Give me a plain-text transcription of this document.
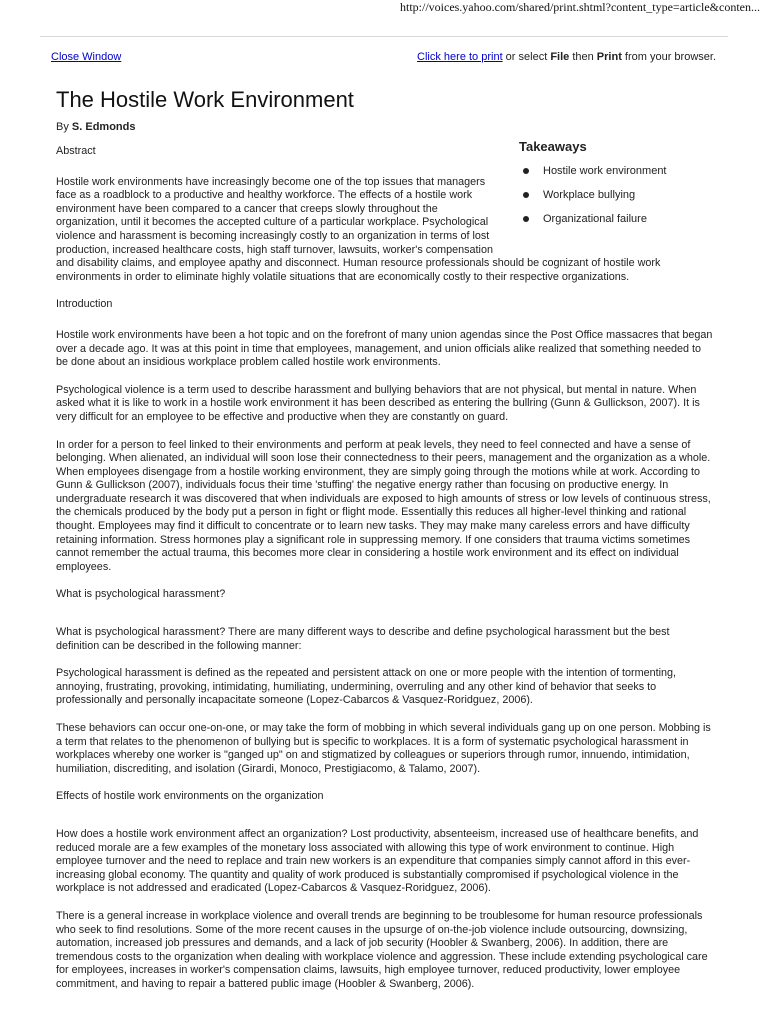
http://voices.yahoo.com/shared/print.shtml?content_type=article&conten...
Close Window	Click here to print or select File then Print from your browser.
The Hostile Work Environment
By S. Edmonds
Takeaways
Hostile work environment
Workplace bullying
Organizational failure

Abstract

Hostile work environments have increasingly become one of the top issues that managers face as a roadblock to a productive and healthy workforce. The effects of a hostile work environment have been compared to a cancer that creeps slowly throughout the organization, until it becomes the accepted culture of a particular workplace. Psychological violence and harassment is becoming increasingly costly to an organization in terms of lost production, increased healthcare costs, high staff turnover, lawsuits, worker's compensation and disability claims, and employee apathy and disconnect. Human resource professionals should be cognizant of hostile work environments in order to eliminate highly volatile situations that are economically costly to their respective organizations.

Introduction

Hostile work environments have been a hot topic and on the forefront of many union agendas since the Post Office massacres that began over a decade ago. It was at this point in time that employees, management, and union officials alike realized that something needed to be done about an insidious workplace problem called hostile work environments.

Psychological violence is a term used to describe harassment and bullying behaviors that are not physical, but mental in nature. When asked what it is like to work in a hostile work environment it has been described as entering the bullring (Gunn & Gullickson, 2007). It is very difficult for an employee to be effective and productive when they are constantly on guard.

In order for a person to feel linked to their environments and perform at peak levels, they need to feel connected and have a sense of belonging. When alienated, an individual will soon lose their connectedness to their peers, management and the organization as a whole. When employees disengage from a hostile working environment, they are simply going through the motions while at work. According to Gunn & Gullickson (2007), individuals focus their time 'stuffing' the negative energy rather than focusing on productive energy. In undergraduate research it was discovered that when individuals are exposed to high amounts of stress or low levels of continuous stress, the chemicals produced by the body put a person in fight or flight mode. Essentially this reduces all higher-level thinking and rational thought. Employees may find it difficult to concentrate or to learn new tasks. They may make many careless errors and have difficulty retaining information. Stress hormones play a significant role in suppressing memory. If one considers that trauma victims sometimes cannot remember the actual trauma, this becomes more clear in considering a hostile work environment and its effect on individual employees.

What is psychological harassment?

What is psychological harassment? There are many different ways to describe and define psychological harassment but the best definition can be described in the following manner:

Psychological harassment is defined as the repeated and persistent attack on one or more people with the intention of tormenting, annoying, frustrating, provoking, intimidating, humiliating, undermining, overruling and any other kind of behavior that seeks to professionally and personally incapacitate someone (Lopez-Cabarcos & Vasquez-Roridguez, 2006).

These behaviors can occur one-on-one, or may take the form of mobbing in which several individuals gang up on one person. Mobbing is a term that relates to the phenomenon of bullying but is specific to workplaces. It is a form of systematic psychological harassment in workplaces whereby one worker is "ganged up" on and stigmatized by colleagues or superiors through rumor, innuendo, intimidation, humiliation, discrediting, and isolation (Girardi, Monoco, Prestigiacomo, & Talamo, 2007).

Effects of hostile work environments on the organization

How does a hostile work environment affect an organization? Lost productivity, absenteeism, increased use of healthcare benefits, and reduced morale are a few examples of the monetary loss associated with allowing this type of work environment to continue. High employee turnover and the need to replace and train new workers is an expenditure that companies simply cannot afford in this ever-increasing global economy. The quantity and quality of work produced is substantially compromised if psychological violence in the workplace is not addressed and eradicated (Lopez-Cabarcos & Vasquez-Roridguez, 2006).

There is a general increase in workplace violence and overall trends are beginning to be troublesome for human resource professionals who seek to find resolutions. Some of the more recent causes in the upsurge of on-the-job violence include outsourcing, downsizing, automation, increased job pressures and demands, and a lack of job security (Hoobler & Swanberg, 2006). In addition, there are tremendous costs to the organization when dealing with workplace violence and aggression. These include extending psychological care for employees, increases in worker's compensation claims, lawsuits, high employee turnover, reduced productivity, lower employee commitment, and having to repair a battered public image (Hoobler & Swanberg, 2006).
